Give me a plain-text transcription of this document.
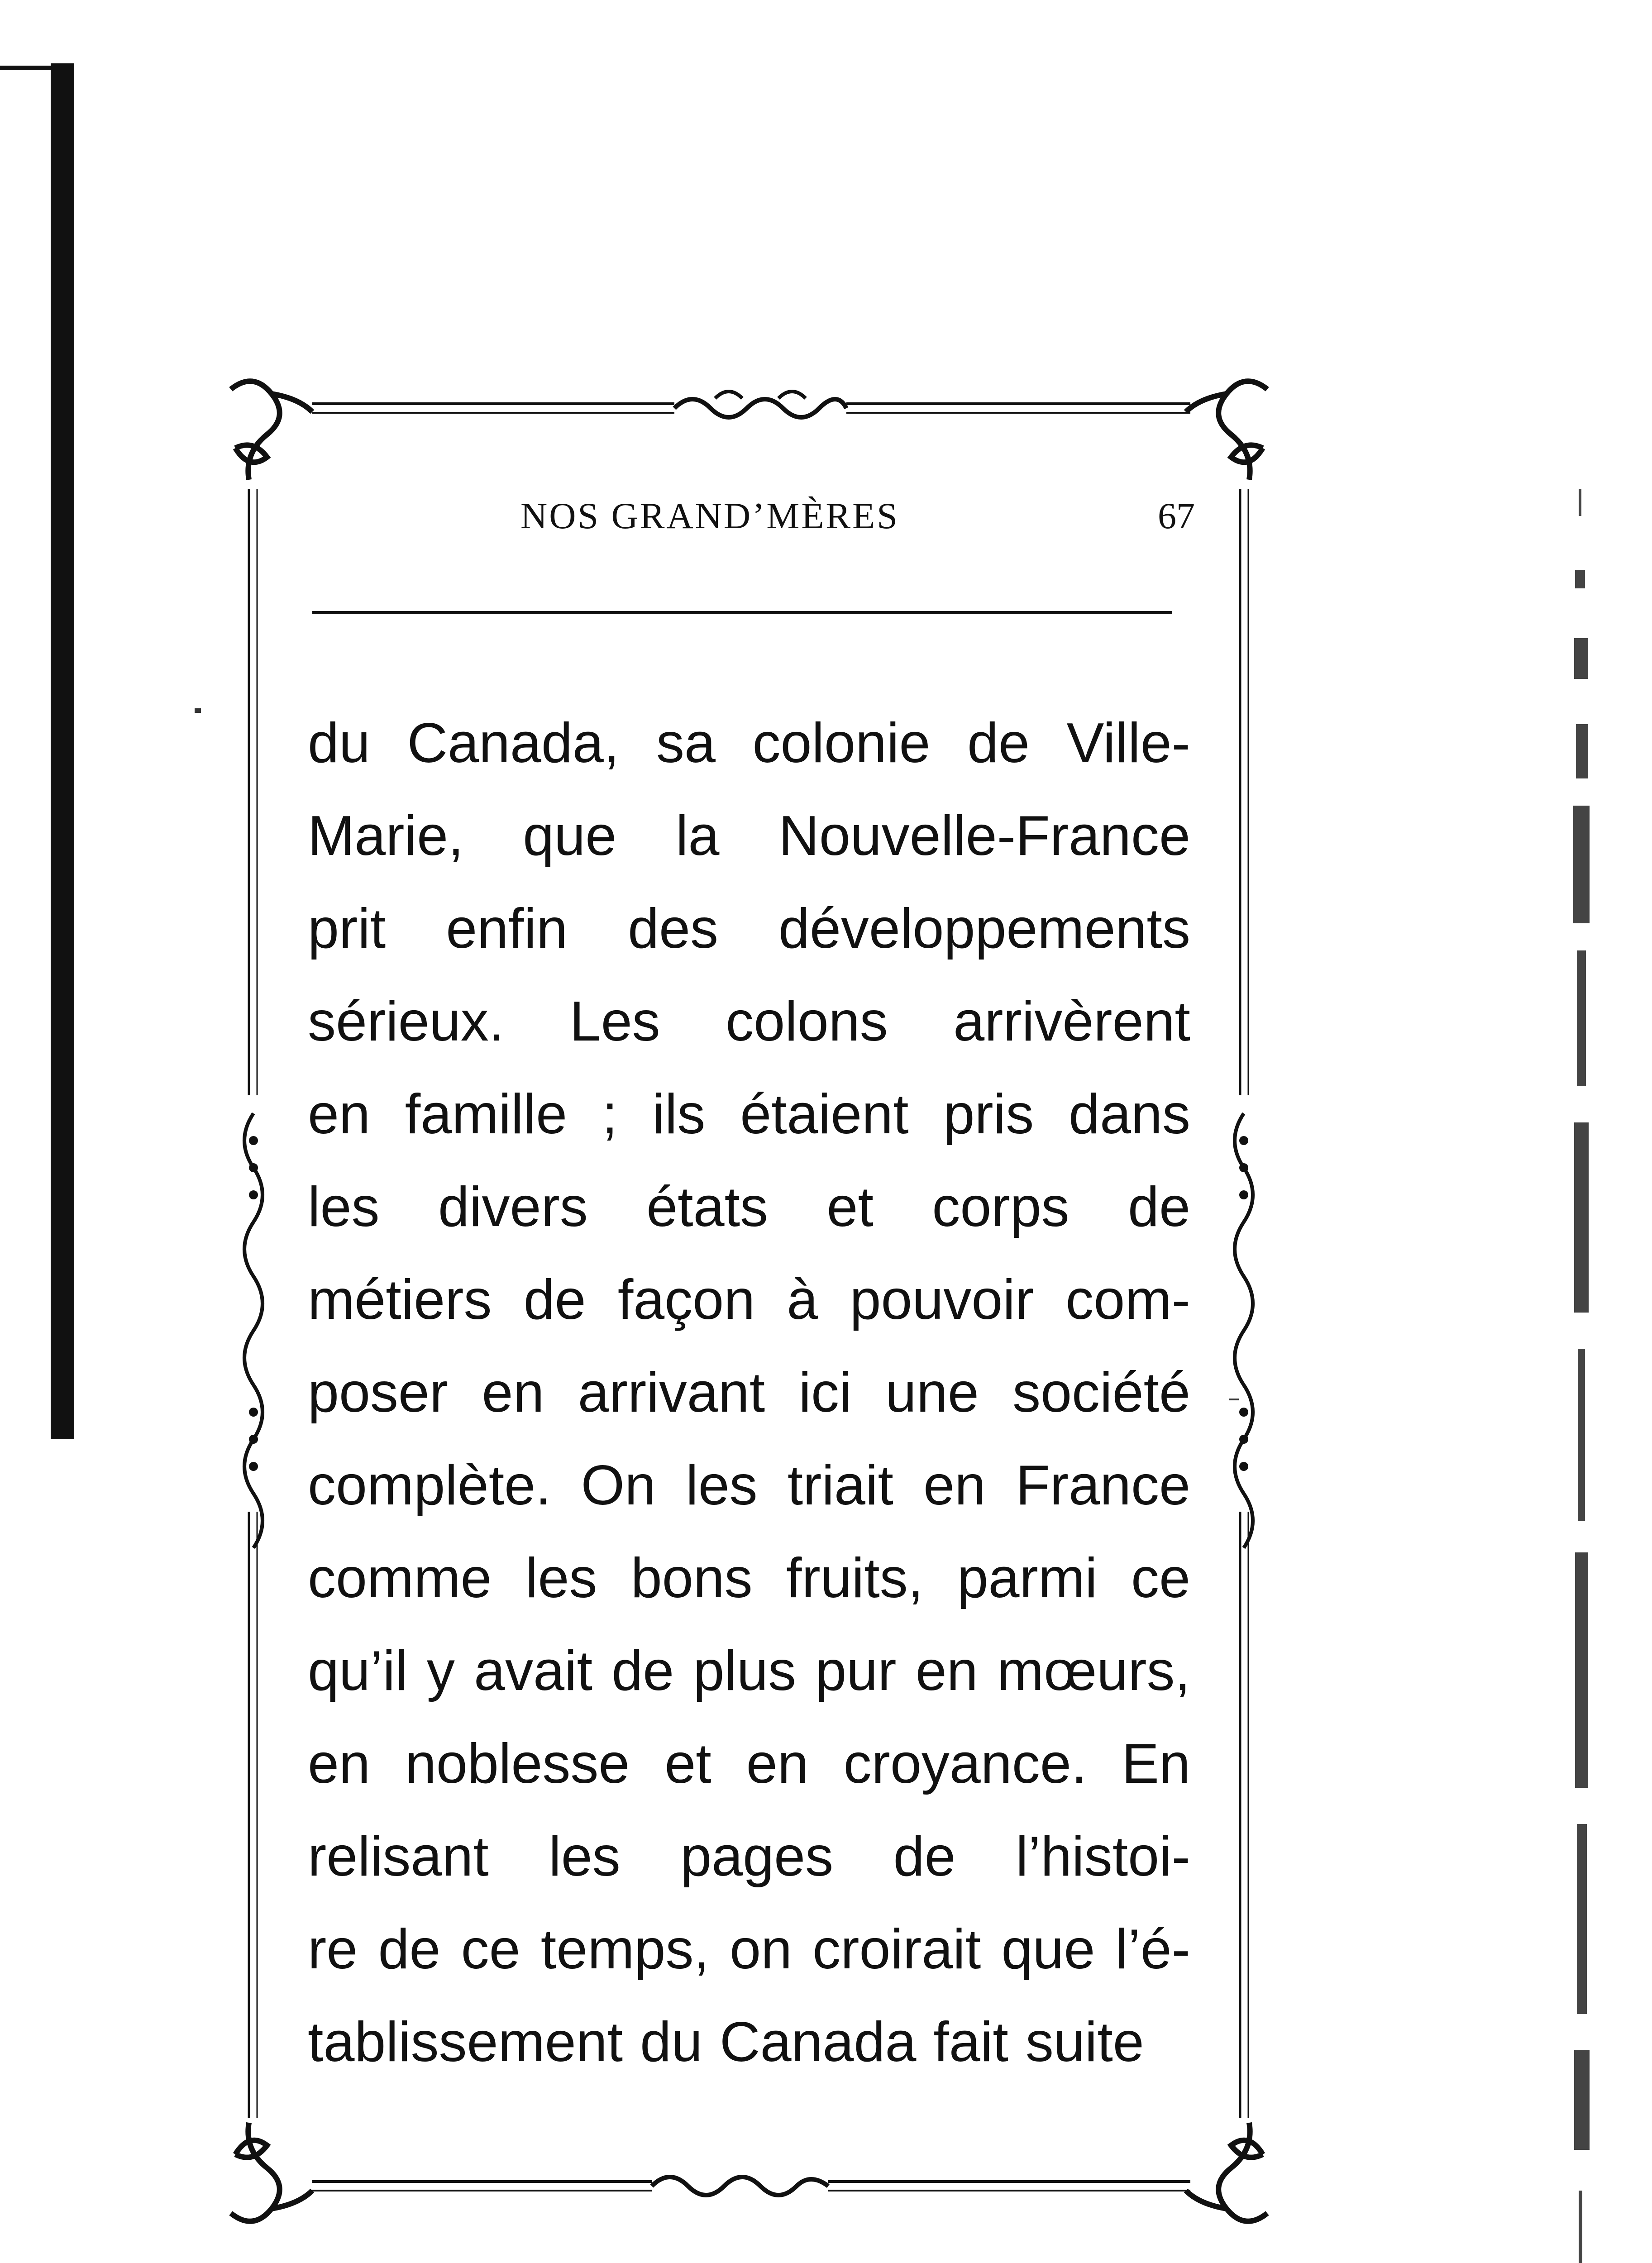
NOS GRAND’MÈRES	67
du Canada, sa colonie de Ville-
Marie, que la Nouvelle-France
prit enfin des développements
sérieux. Les colons arrivèrent
en famille ; ils étaient pris dans
les divers états et corps de
métiers de façon à pouvoir com-
poser en arrivant ici une société
complète. On les triait en France
comme les bons fruits, parmi ce
qu’il y avait de plus pur en mœurs,
en noblesse et en croyance. En
relisant les pages de l’histoi-
re de ce temps, on croirait que l’é-
tablissement du Canada fait suite
